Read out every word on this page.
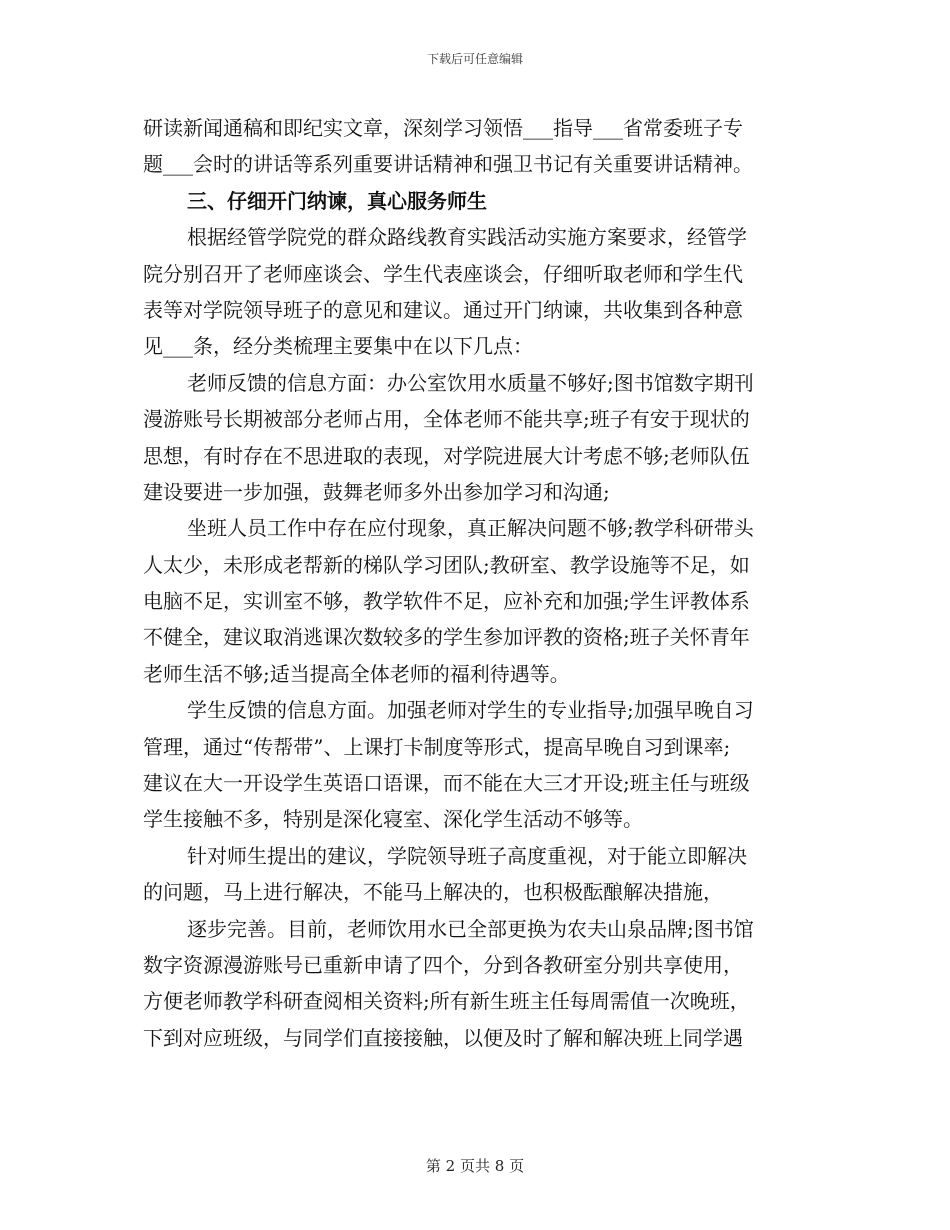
下载后可任意编辑
研读新闻通稿和即纪实文章，深刻学习领悟___指导___省常委班子专
题___会时的讲话等系列重要讲话精神和强卫书记有关重要讲话精神。
三、仔细开门纳谏，真心服务师生
根据经管学院党的群众路线教育实践活动实施方案要求，经管学
院分别召开了老师座谈会、学生代表座谈会，仔细听取老师和学生代
表等对学院领导班子的意见和建议。通过开门纳谏，共收集到各种意
见___条，经分类梳理主要集中在以下几点：
老师反馈的信息方面：办公室饮用水质量不够好;图书馆数字期刊
漫游账号长期被部分老师占用，全体老师不能共享;班子有安于现状的
思想，有时存在不思进取的表现，对学院进展大计考虑不够;老师队伍
建设要进一步加强，鼓舞老师多外出参加学习和沟通;
坐班人员工作中存在应付现象，真正解决问题不够;教学科研带头
人太少，未形成老帮新的梯队学习团队;教研室、教学设施等不足，如
电脑不足，实训室不够，教学软件不足，应补充和加强;学生评教体系
不健全，建议取消逃课次数较多的学生参加评教的资格;班子关怀青年
老师生活不够;适当提高全体老师的福利待遇等。
学生反馈的信息方面。加强老师对学生的专业指导;加强早晚自习
管理，通过“传帮带”、上课打卡制度等形式，提高早晚自习到课率;
建议在大一开设学生英语口语课，而不能在大三才开设;班主任与班级
学生接触不多，特别是深化寝室、深化学生活动不够等。
针对师生提出的建议，学院领导班子高度重视，对于能立即解决
的问题，马上进行解决，不能马上解决的，也积极酝酿解决措施，
逐步完善。目前，老师饮用水已全部更换为农夫山泉品牌;图书馆
数字资源漫游账号已重新申请了四个，分到各教研室分别共享使用，
方便老师教学科研查阅相关资料;所有新生班主任每周需值一次晚班，
下到对应班级，与同学们直接接触，以便及时了解和解决班上同学遇
第 2 页共 8 页
